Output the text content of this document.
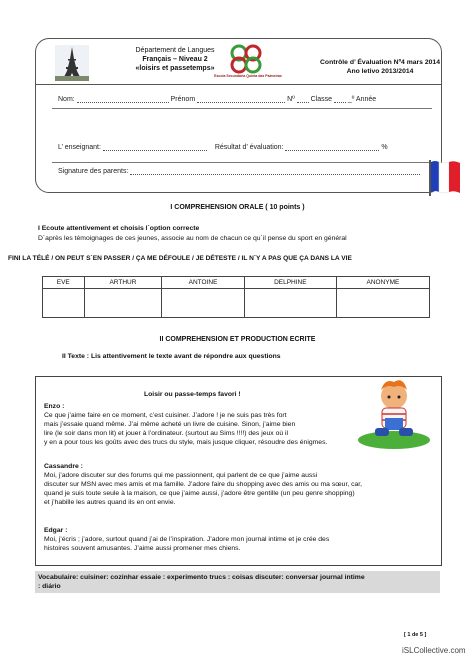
Département de Langues
Français – Niveau 2
«loisirs et passetemps»
Escola Secundária Quinta das Palmeiras
Contrôle d’ Évaluation Nº4 mars 2014
Ano letivo 2013/2014
Nom:	Prénom	Nº Classe _º Année
L’ enseignant:	Résultat d’ évaluation:	%
Signature des parents:
I COMPREHENSION ORALE ( 10 points )
I Ecoute attentivement et choisis l´option correcte
D´après les témoignages de ces jeunes, associe au nom de chacun ce qu´il pense du sport en général
FINI LA TÉLÉ / ON PEUT S´EN PASSER / ÇA ME DÉFOULE / JE DÉTESTE / IL N´Y A PAS QUE ÇA DANS LA VIE
EVE	ARTHUR	ANTOINE	DELPHINE	ANONYME

II COMPREHENSION ET PRODUCTION ECRITE
II Texte : Lis attentivement le texte avant de répondre aux questions
Loisir ou passe-temps favori !
Enzo :
Ce que j’aime faire en ce moment, c’est cuisiner. J’adore ! je ne suis pas très fort
mais j’essaie quand même. J’ai même acheté un livre de cuisine. Sinon, j’aime bien
lire (le soir dans mon lit) et jouer à l’ordinateur. (surtout au Sims !!!!) des jeux où il
y en a pour tous les goûts avec des trucs du style, mais jusque cliquer, résoudre des énigmes.
Cassandre :
Moi, j’adore discuter sur des forums qui me passionnent, qui parlent de ce que j’aime aussi
discuter sur MSN avec mes amis et ma famille. J’adore faire du shopping avec des amis ou ma sœur, car,
quand je suis toute seule à la maison, ce que j’aime aussi, j’adore être gentille (un peu genre shopping)
et j’habille les autres quand ils en ont envie.
Edgar :
Moi, j’écris ; j’adore, surtout quand j’ai de l’inspiration. J’adore mon journal intime et je crée des
histoires souvent amusantes. J’aime aussi promener mes chiens.
Vocabulaire: cuisiner: cozinhar essaie : experimento trucs : coisas discuter: conversar journal intime
: diário
[ 1 de 5 ]
iSLCollective.com
